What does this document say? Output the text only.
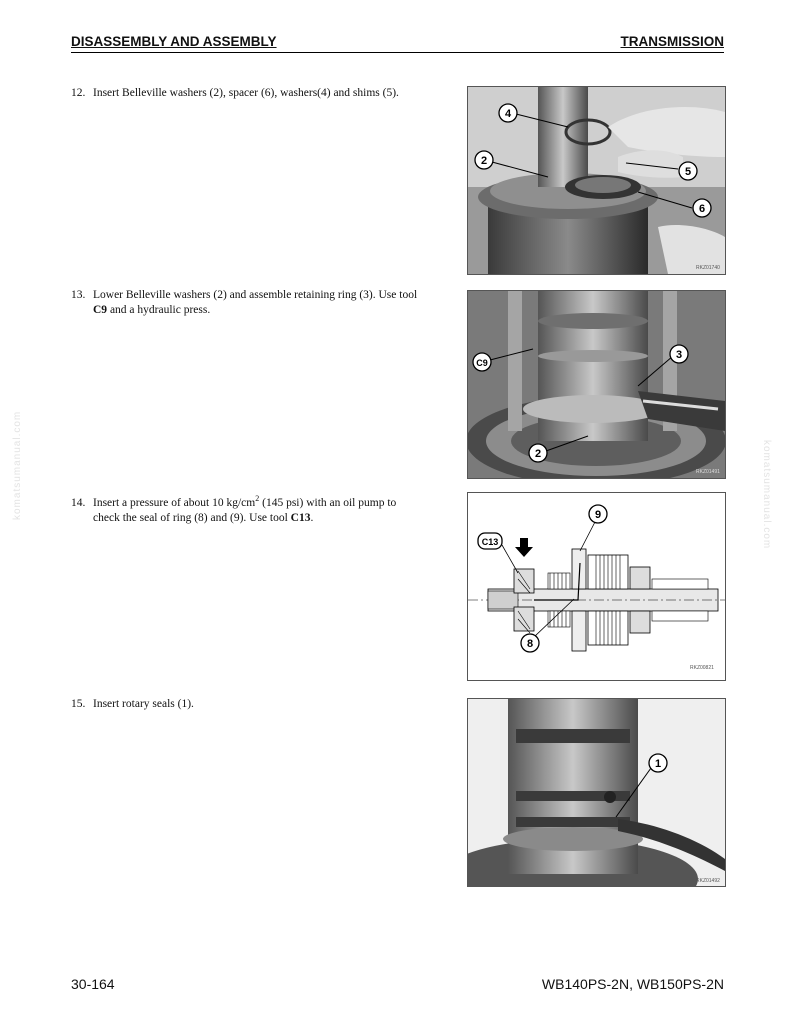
DISASSEMBLY AND ASSEMBLY	TRANSMISSION
komatsumanual.com	komatsumanual.com
12. Insert Belleville washers (2), spacer (6), washers(4) and shims (5).
4
2
5
6
RKZ01740
13. Lower Belleville washers (2) and assemble retaining ring (3). Use tool
C9 and a hydraulic press.
C9
3
2
RKZ01491
14. Insert a pressure of about 10 $kg/cm^2$ (145 psi) with an oil pump to
check the seal of ring (8) and (9). Use tool C13.	9
C13
8
RKZ00821
15. Insert rotary seals (1).
1
RKZ01492
30-164	WB140PS-2N, WB150PS-2N
